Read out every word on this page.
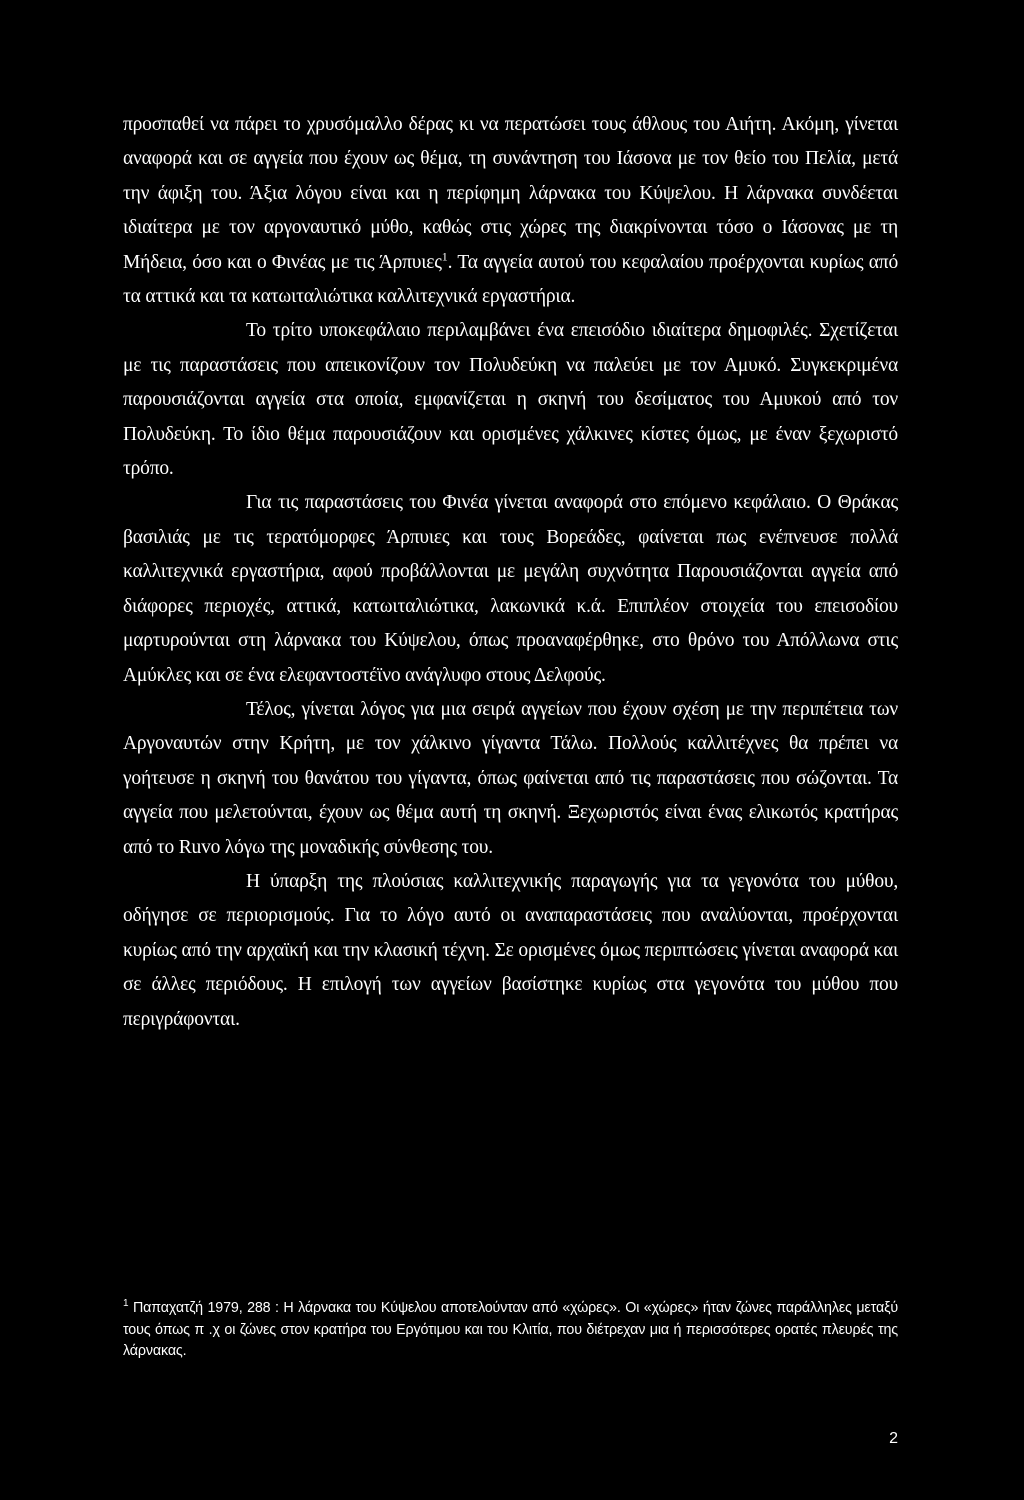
προσπαθεί να πάρει το χρυσόμαλλο δέρας κι να περατώσει τους άθλους του Αιήτη. Ακόμη, γίνεται αναφορά και σε αγγεία που έχουν ως θέμα, τη συνάντηση του Ιάσονα με τον θείο του Πελία, μετά την άφιξη του. Άξια λόγου είναι και η περίφημη λάρνακα του Κύψελου. Η λάρνακα συνδέεται ιδιαίτερα με τον αργοναυτικό μύθο, καθώς στις χώρες της διακρίνονται τόσο ο Ιάσονας με τη Μήδεια, όσο και ο Φινέας με τις Άρπυιες$^1$. Τα αγγεία αυτού του κεφαλαίου προέρχονται κυρίως από τα αττικά και τα κατωιταλιώτικα καλλιτεχνικά εργαστήρια.

Το τρίτο υποκεφάλαιο περιλαμβάνει ένα επεισόδιο ιδιαίτερα δημοφιλές. Σχετίζεται με τις παραστάσεις που απεικονίζουν τον Πολυδεύκη να παλεύει με τον Αμυκό. Συγκεκριμένα παρουσιάζονται αγγεία στα οποία, εμφανίζεται η σκηνή του δεσίματος του Αμυκού από τον Πολυδεύκη. Το ίδιο θέμα παρουσιάζουν και ορισμένες χάλκινες κίστες όμως, με έναν ξεχωριστό τρόπο.

Για τις παραστάσεις του Φινέα γίνεται αναφορά στο επόμενο κεφάλαιο. Ο Θράκας βασιλιάς με τις τερατόμορφες Άρπυιες και τους Βορεάδες, φαίνεται πως ενέπνευσε πολλά καλλιτεχνικά εργαστήρια, αφού προβάλλονται με μεγάλη συχνότητα Παρουσιάζονται αγγεία από διάφορες περιοχές, αττικά, κατωιταλιώτικα, λακωνικά κ.ά. Επιπλέον στοιχεία του επεισοδίου μαρτυρούνται στη λάρνακα του Κύψελου, όπως προαναφέρθηκε, στο θρόνο του Απόλλωνα στις Αμύκλες και σε ένα ελεφαντοστέϊνο ανάγλυφο στους Δελφούς.

Τέλος, γίνεται λόγος για μια σειρά αγγείων που έχουν σχέση με την περιπέτεια των Αργοναυτών στην Κρήτη, με τον χάλκινο γίγαντα Τάλω. Πολλούς καλλιτέχνες θα πρέπει να γοήτευσε η σκηνή του θανάτου του γίγαντα, όπως φαίνεται από τις παραστάσεις που σώζονται. Τα αγγεία που μελετούνται, έχουν ως θέμα αυτή τη σκηνή. Ξεχωριστός είναι ένας ελικωτός κρατήρας από το Ruvo λόγω της μοναδικής σύνθεσης του.

Η ύπαρξη της πλούσιας καλλιτεχνικής παραγωγής για τα γεγονότα του μύθου, οδήγησε σε περιορισμούς. Για το λόγο αυτό οι αναπαραστάσεις που αναλύονται, προέρχονται κυρίως από την αρχαϊκή και την κλασική τέχνη. Σε ορισμένες όμως περιπτώσεις γίνεται αναφορά και σε άλλες περιόδους. Η επιλογή των αγγείων βασίστηκε κυρίως στα γεγονότα του μύθου που περιγράφονται.

$^1$ Παπαχατζή 1979, 288 : Η λάρνακα του Κύψελου αποτελούνταν από «χώρες». Οι «χώρες» ήταν ζώνες παράλληλες μεταξύ τους όπως π .χ οι ζώνες στον κρατήρα του Εργότιμου και του Κλιτία, που διέτρεχαν μια ή περισσότερες ορατές πλευρές της λάρνακας.
2
